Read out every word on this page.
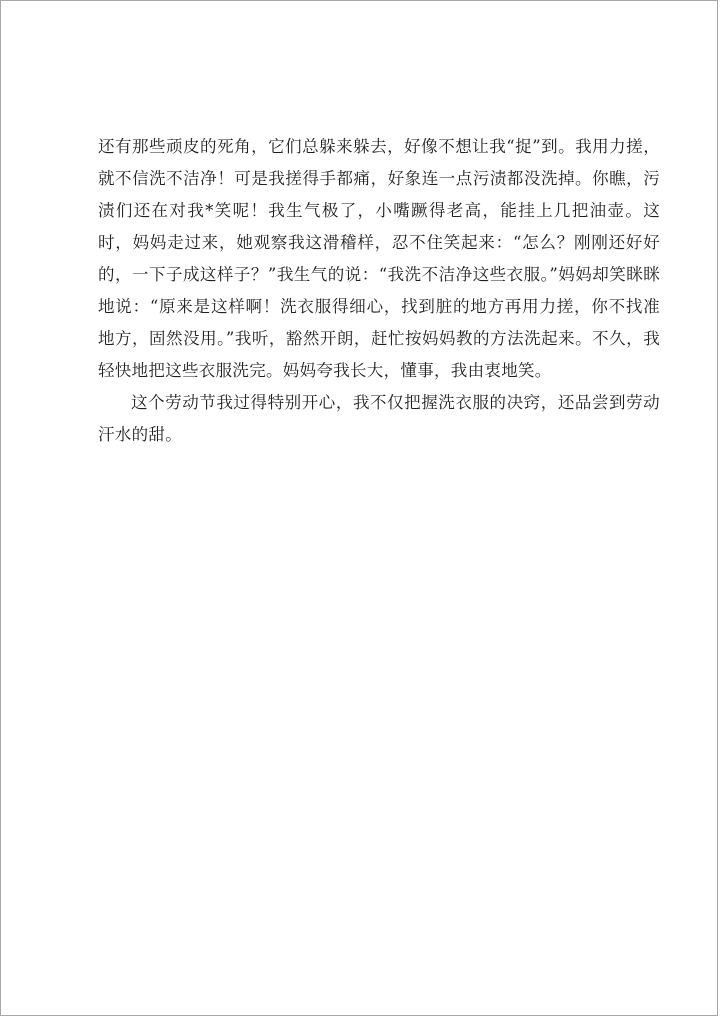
还有那些顽皮的死角，它们总躲来躲去，好像不想让我“捉”到。我用力搓，就不信洗不洁净！可是我搓得手都痛，好象连一点污渍都没洗掉。你瞧，污渍们还在对我*笑呢！我生气极了，小嘴蹶得老高，能挂上几把油壶。这时，妈妈走过来，她观察我这滑稽样，忍不住笑起来：“怎么？刚刚还好好的，一下子成这样子？”我生气的说：“我洗不洁净这些衣服。”妈妈却笑眯眯地说：“原来是这样啊！洗衣服得细心，找到脏的地方再用力搓，你不找准地方，固然没用。”我听，豁然开朗，赶忙按妈妈教的方法洗起来。不久，我轻快地把这些衣服洗完。妈妈夸我长大，懂事，我由衷地笑。

这个劳动节我过得特别开心，我不仅把握洗衣服的决窍，还品尝到劳动汗水的甜。
